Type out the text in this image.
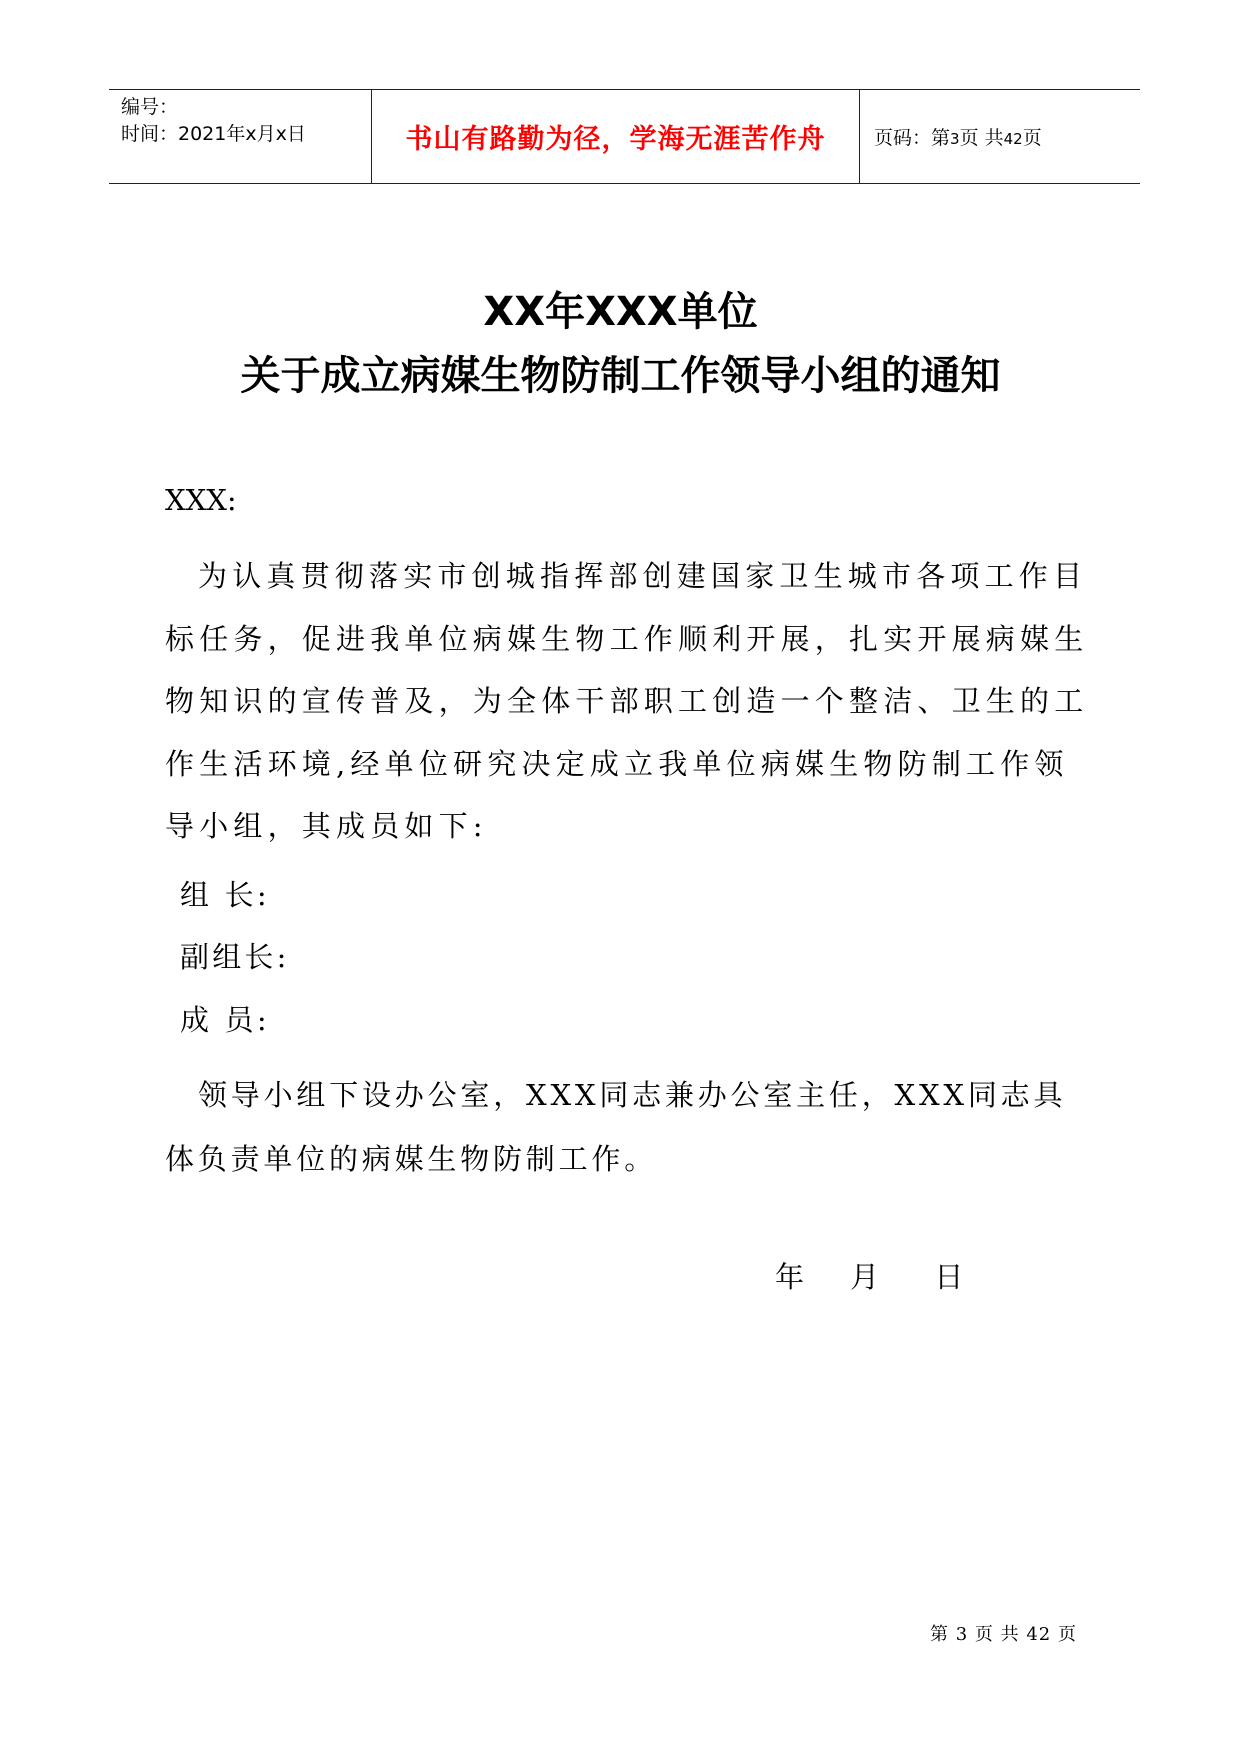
编号：
时间：2021年x月x日	书山有路勤为径，学海无涯苦作舟	页码：第3页 共42页
XX年XXX单位
关于成立病媒生物防制工作领导小组的通知
XXX:
为认真贯彻落实市创城指挥部创建国家卫生城市各项工作目标任务，促进我单位病媒生物工作顺利开展，扎实开展病媒生物知识的宣传普及，为全体干部职工创造一个整洁、卫生的工作生活环境,经单位研究决定成立我单位病媒生物防制工作领导小组，其成员如下:
组 长:
副组长:
成 员:
领导小组下设办公室，XXX同志兼办公室主任，XXX同志具体负责单位的病媒生物防制工作。
年     月      日
第 3 页 共 42 页
